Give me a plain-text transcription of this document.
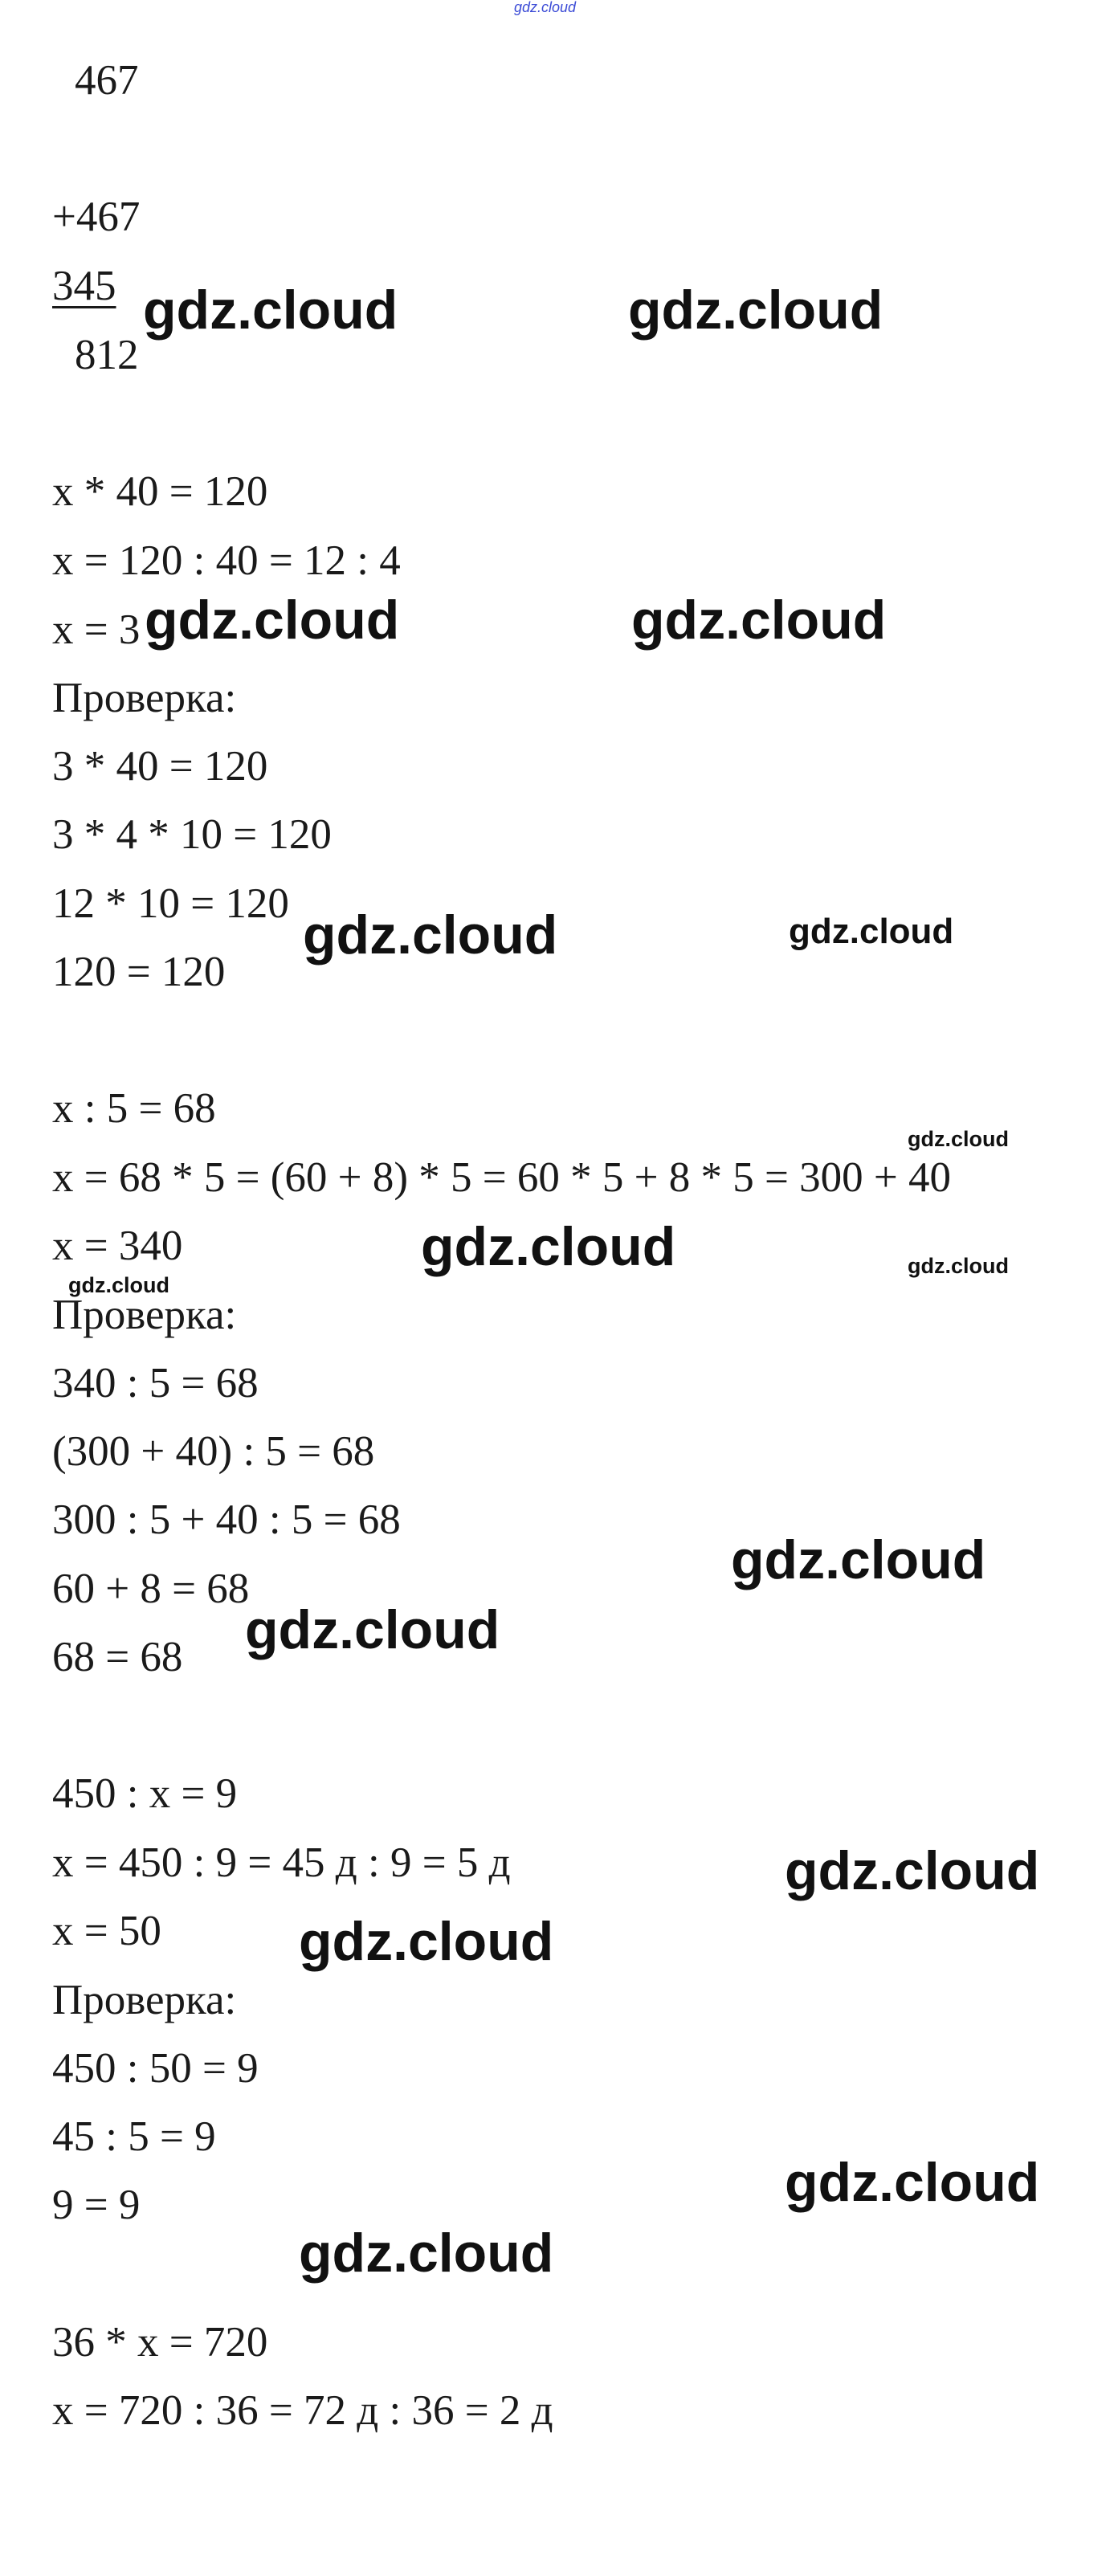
gdz.cloud
467
+467
345
812
x * 40 = 120
x = 120 : 40 = 12 : 4
x = 3
Проверка:
3 * 40 = 120
3 * 4 * 10 = 120
12 * 10 = 120
120 = 120
x : 5 = 68
x = 68 * 5 = (60 + 8) * 5 = 60 * 5 + 8 * 5 = 300 + 40
x = 340
Проверка:
340 : 5 = 68
(300 + 40) : 5 = 68
300 : 5 + 40 : 5 = 68
60 + 8 = 68
68 = 68
450 : x = 9
x = 450 : 9 = 45 д : 9 = 5 д
x = 50
Проверка:
450 : 50 = 9
45 : 5 = 9
9 = 9
36 * x = 720
x = 720 : 36 = 72 д : 36 = 2 д
gdz.cloud	gdz.cloud
gdz.cloud	gdz.cloud
gdz.cloud	gdz.cloud
gdz.cloud
gdz.cloud	gdz.cloud
gdz.cloud
gdz.cloud
gdz.cloud
gdz.cloud
gdz.cloud
gdz.cloud
gdz.cloud
